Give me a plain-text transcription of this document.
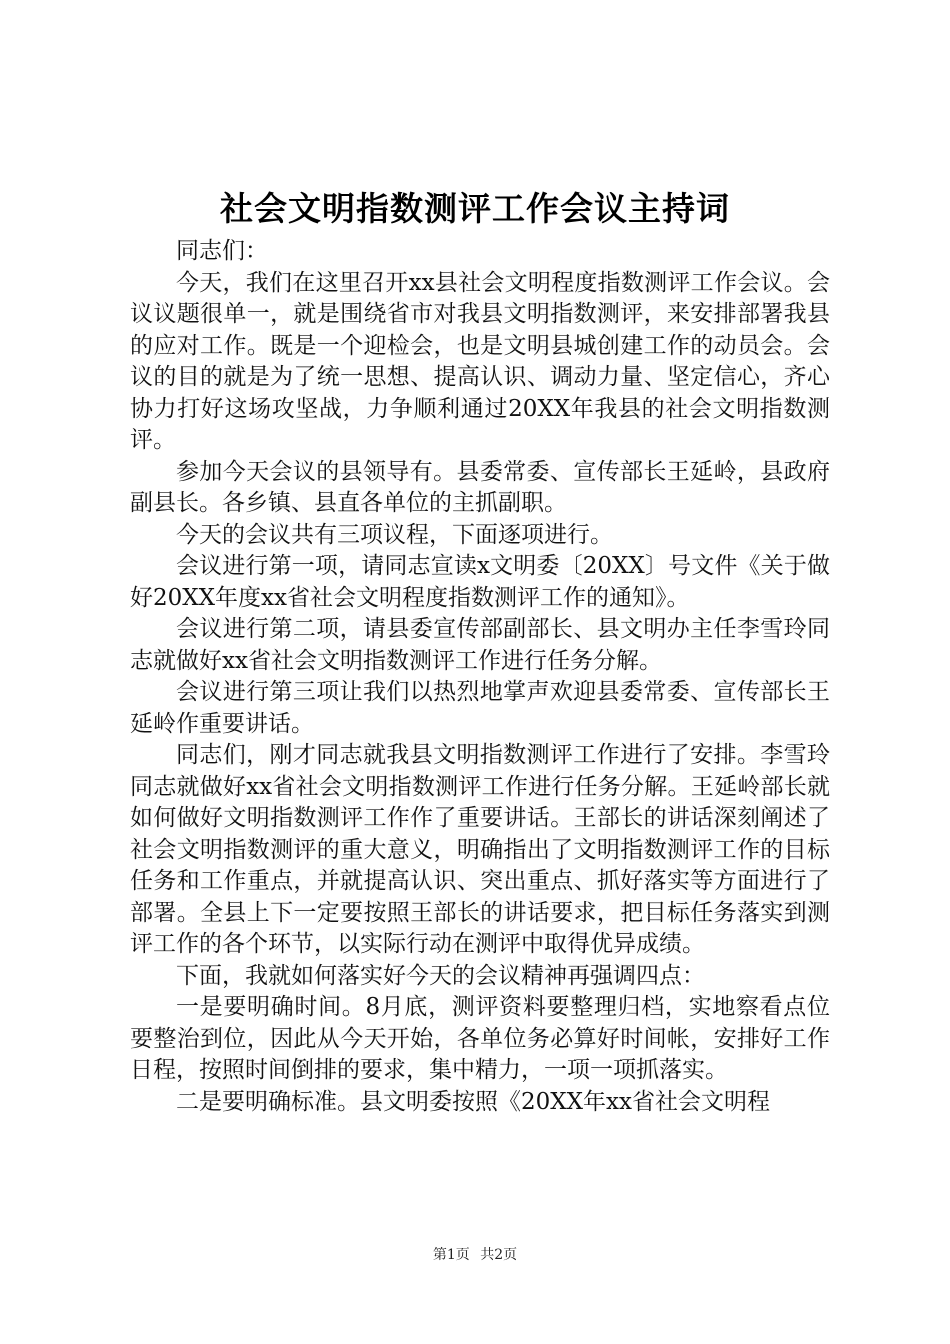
社会文明指数测评工作会议主持词

同志们：

今天，我们在这里召开xx县社会文明程度指数测评工作会议。会议议题很单一，就是围绕省市对我县文明指数测评，来安排部署我县的应对工作。既是一个迎检会，也是文明县城创建工作的动员会。会议的目的就是为了统一思想、提高认识、调动力量、坚定信心，齐心协力打好这场攻坚战，力争顺利通过20XX年我县的社会文明指数测评。

参加今天会议的县领导有。县委常委、宣传部长王延岭，县政府副县长。各乡镇、县直各单位的主抓副职。

今天的会议共有三项议程，下面逐项进行。

会议进行第一项，请同志宣读x文明委〔20XX〕号文件《关于做好20XX年度xx省社会文明程度指数测评工作的通知》。

会议进行第二项，请县委宣传部副部长、县文明办主任李雪玲同志就做好xx省社会文明指数测评工作进行任务分解。

会议进行第三项让我们以热烈地掌声欢迎县委常委、宣传部长王延岭作重要讲话。

同志们，刚才同志就我县文明指数测评工作进行了安排。李雪玲同志就做好xx省社会文明指数测评工作进行任务分解。王延岭部长就如何做好文明指数测评工作作了重要讲话。王部长的讲话深刻阐述了社会文明指数测评的重大意义，明确指出了文明指数测评工作的目标任务和工作重点，并就提高认识、突出重点、抓好落实等方面进行了部署。全县上下一定要按照王部长的讲话要求，把目标任务落实到测评工作的各个环节，以实际行动在测评中取得优异成绩。

下面，我就如何落实好今天的会议精神再强调四点：

一是要明确时间。8月底，测评资料要整理归档，实地察看点位要整治到位，因此从今天开始，各单位务必算好时间帐，安排好工作日程，按照时间倒排的要求，集中精力，一项一项抓落实。

二是要明确标准。县文明委按照《20XX年xx省社会文明程

第1页 共2页
